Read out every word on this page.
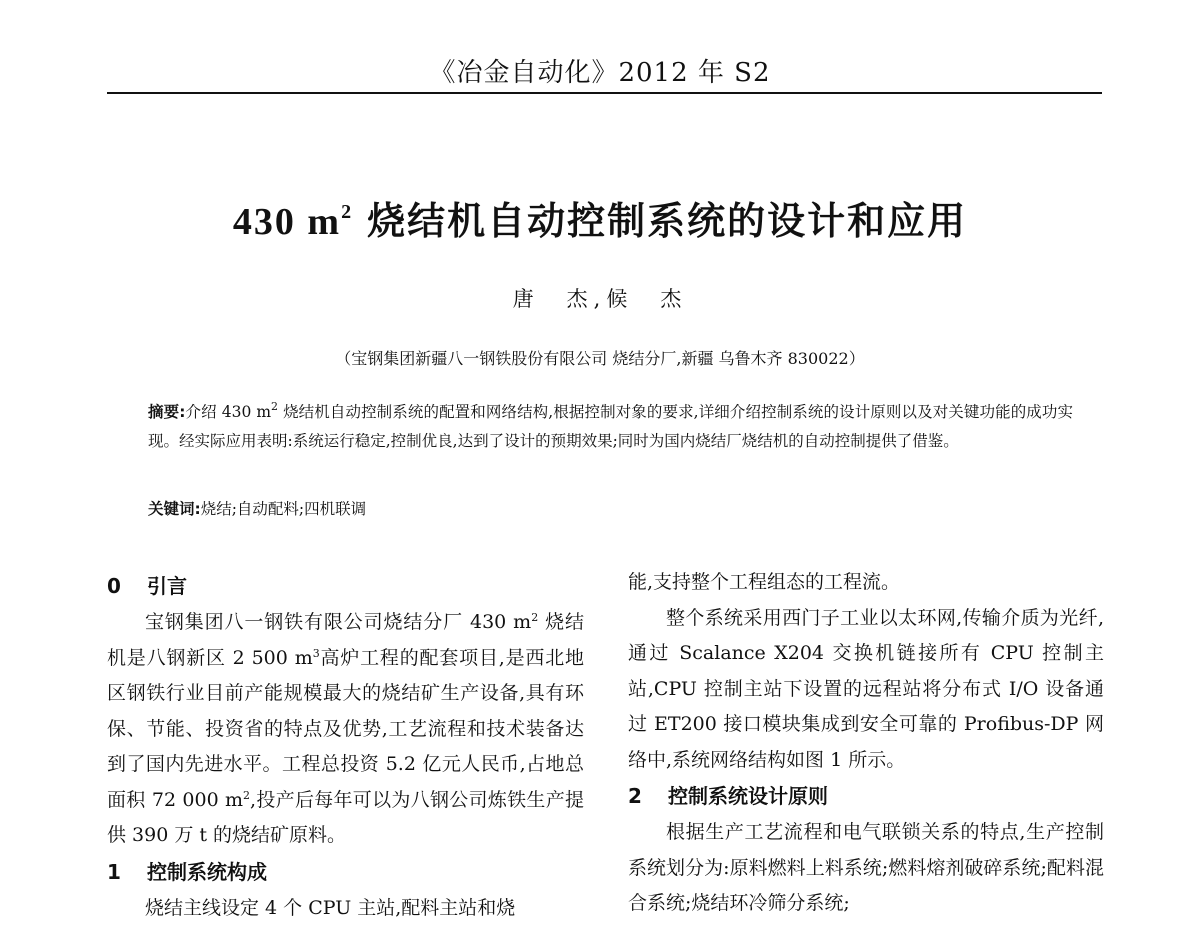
《冶金自动化》2012 年 S2
430 $m^2$ 烧结机自动控制系统的设计和应用
唐　杰,候　杰
（宝钢集团新疆八一钢铁股份有限公司 烧结分厂,新疆 乌鲁木齐 830022）
摘要:介绍 430 $m^2$ 烧结机自动控制系统的配置和网络结构,根据控制对象的要求,详细介绍控制系统的设计原则以及对关键功能的成功实现。经实际应用表明:系统运行稳定,控制优良,达到了设计的预期效果;同时为国内烧结厂烧结机的自动控制提供了借鉴。
关键词:烧结;自动配料;四机联调
0 引言
宝钢集团八一钢铁有限公司烧结分厂 430 $m^2$ 烧结机是八钢新区 2 500 $m^3$高炉工程的配套项目,是西北地区钢铁行业目前产能规模最大的烧结矿生产设备,具有环保、节能、投资省的特点及优势,工艺流程和技术装备达到了国内先进水平。工程总投资 5.2 亿元人民币,占地总面积 72 000 $m^2$,投产后每年可以为八钢公司炼铁生产提供 390 万 t 的烧结矿原料。
1 控制系统构成
烧结主线设定 4 个 CPU 主站,配料主站和烧
能,支持整个工程组态的工程流。
整个系统采用西门子工业以太环网,传输介质为光纤,通过 Scalance X204 交换机链接所有 CPU 控制主站,CPU 控制主站下设置的远程站将分布式 I/O 设备通过 ET200 接口模块集成到安全可靠的 Profibus-DP 网络中,系统网络结构如图 1 所示。
2 控制系统设计原则
根据生产工艺流程和电气联锁关系的特点,生产控制系统划分为:原料燃料上料系统;燃料熔剂破碎系统;配料混合系统;烧结环冷筛分系统;
